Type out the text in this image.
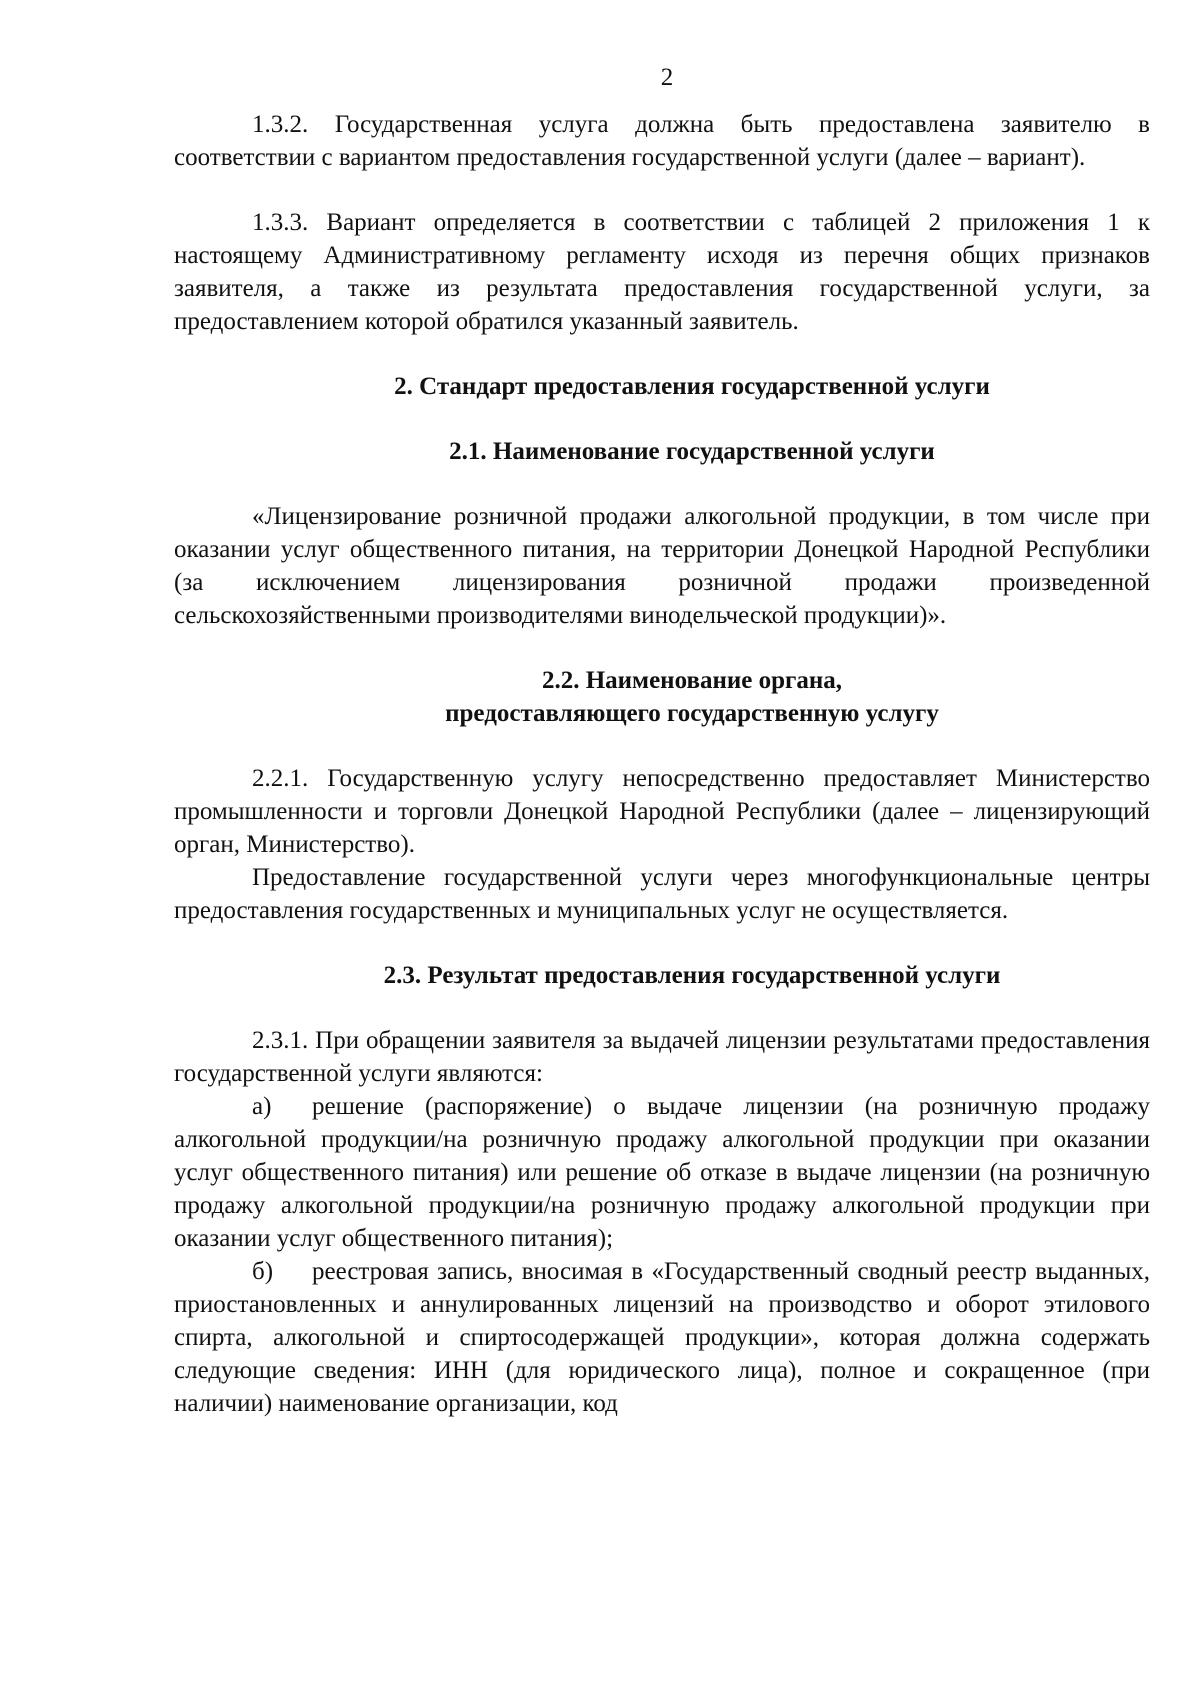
2

1.3.2. Государственная услуга должна быть предоставлена заявителю в соответствии с вариантом предоставления государственной услуги (далее – вариант).

1.3.3. Вариант определяется в соответствии с таблицей 2 приложения 1 к настоящему Административному регламенту исходя из перечня общих признаков заявителя, а также из результата предоставления государственной услуги, за предоставлением которой обратился указанный заявитель.

2. Стандарт предоставления государственной услуги
2.1. Наименование государственной услуги

«Лицензирование розничной продажи алкогольной продукции, в том числе при оказании услуг общественного питания, на территории Донецкой Народной Республики (за исключением лицензирования розничной продажи произведенной сельскохозяйственными производителями винодельческой продукции)».

2.2. Наименование органа,
предоставляющего государственную услугу

2.2.1. Государственную услугу непосредственно предоставляет Министерство промышленности и торговли Донецкой Народной Республики (далее – лицензирующий орган, Министерство).

Предоставление государственной услуги через многофункциональные центры предоставления государственных и муниципальных услуг не осуществляется.

2.3. Результат предоставления государственной услуги

2.3.1. При обращении заявителя за выдачей лицензии результатами предоставления государственной услуги являются:

а) решение (распоряжение) о выдаче лицензии (на розничную продажу алкогольной продукции/на розничную продажу алкогольной продукции при оказании услуг общественного питания) или решение об отказе в выдаче лицензии (на розничную продажу алкогольной продукции/на розничную продажу алкогольной продукции при оказании услуг общественного питания);

б) реестровая запись, вносимая в «Государственный сводный реестр выданных, приостановленных и аннулированных лицензий на производство и оборот этилового спирта, алкогольной и спиртосодержащей продукции», которая должна содержать следующие сведения: ИНН (для юридического лица), полное и сокращенное (при наличии) наименование организации, код
